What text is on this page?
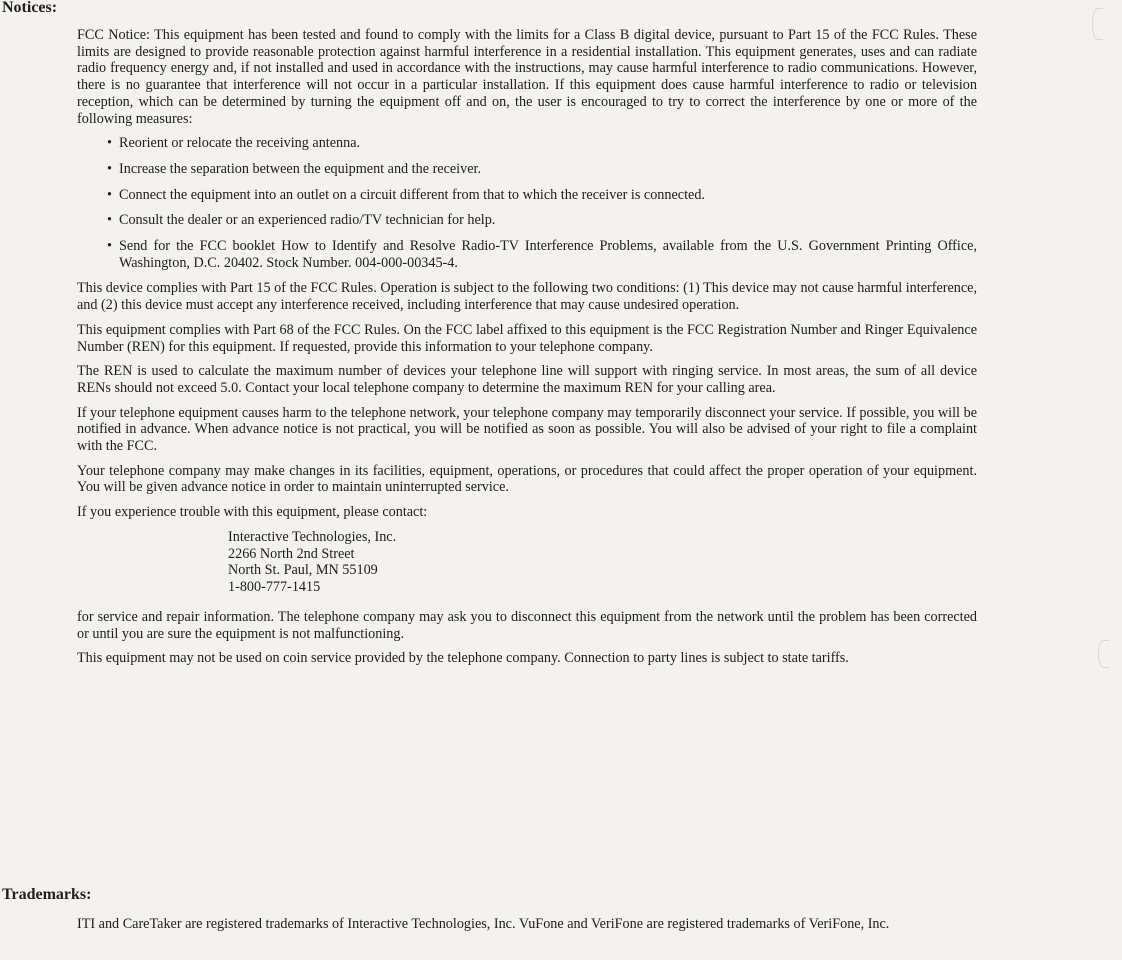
Notices:

FCC Notice: This equipment has been tested and found to comply with the limits for a Class B digital device, pursuant to Part 15 of the FCC Rules. These limits are designed to provide reasonable protection against harmful interference in a residential installation. This equipment generates, uses and can radiate radio frequency energy and, if not installed and used in accordance with the instructions, may cause harmful interference to radio communications. However, there is no guarantee that interference will not occur in a particular installation. If this equipment does cause harmful interference to radio or television reception, which can be determined by turning the equipment off and on, the user is encouraged to try to correct the interference by one or more of the following measures:

• Reorient or relocate the receiving antenna.
• Increase the separation between the equipment and the receiver.
• Connect the equipment into an outlet on a circuit different from that to which the receiver is connected.
• Consult the dealer or an experienced radio/TV technician for help.
• Send for the FCC booklet How to Identify and Resolve Radio-TV Interference Problems, available from the U.S. Government Printing Office, Washington, D.C. 20402. Stock Number. 004-000-00345-4.

This device complies with Part 15 of the FCC Rules. Operation is subject to the following two conditions: (1) This device may not cause harmful interference, and (2) this device must accept any interference received, including interference that may cause undesired operation.

This equipment complies with Part 68 of the FCC Rules. On the FCC label affixed to this equipment is the FCC Registration Number and Ringer Equivalence Number (REN) for this equipment. If requested, provide this information to your telephone company.

The REN is used to calculate the maximum number of devices your telephone line will support with ringing service. In most areas, the sum of all device RENs should not exceed 5.0. Contact your local telephone company to determine the maximum REN for your calling area.

If your telephone equipment causes harm to the telephone network, your telephone company may temporarily disconnect your service. If possible, you will be notified in advance. When advance notice is not practical, you will be notified as soon as possible. You will also be advised of your right to file a complaint with the FCC.

Your telephone company may make changes in its facilities, equipment, operations, or procedures that could affect the proper operation of your equipment. You will be given advance notice in order to maintain uninterrupted service.

If you experience trouble with this equipment, please contact:

Interactive Technologies, Inc.
2266 North 2nd Street
North St. Paul, MN 55109
1-800-777-1415

for service and repair information. The telephone company may ask you to disconnect this equipment from the network until the problem has been corrected or until you are sure the equipment is not malfunctioning.

This equipment may not be used on coin service provided by the telephone company. Connection to party lines is subject to state tariffs.

Trademarks:

ITI and CareTaker are registered trademarks of Interactive Technologies, Inc. VuFone and VeriFone are registered trademarks of VeriFone, Inc.
